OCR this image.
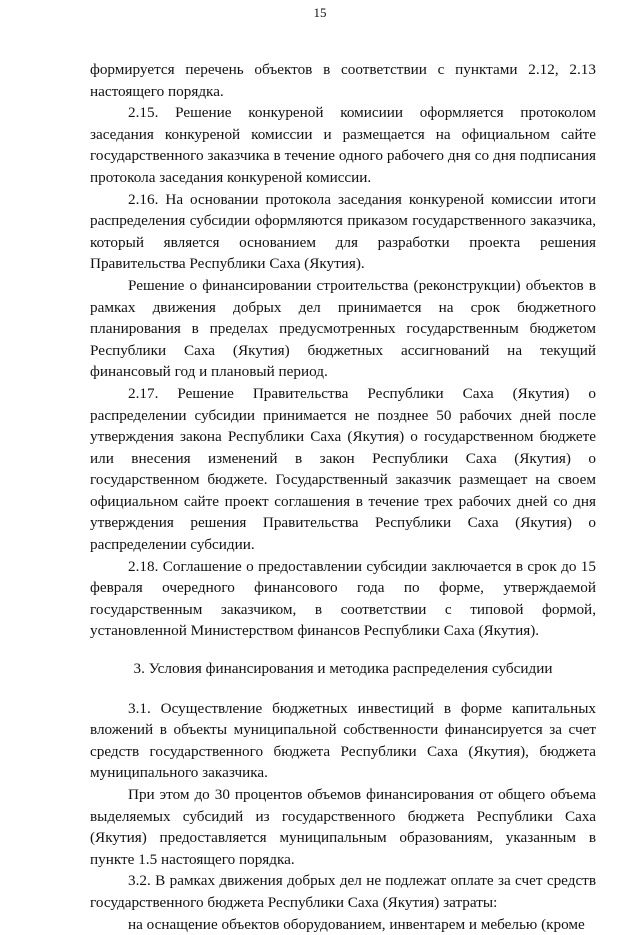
15

формируется перечень объектов в соответствии с пунктами 2.12, 2.13 настоящего порядка.

2.15. Решение конкуреной комисиии оформляется протоколом заседания конкуреной комиссии и размещается на официальном сайте государственного заказчика в течение одного рабочего дня со дня подписания протокола заседания конкуреной комиссии.

2.16. На основании протокола заседания конкуреной комиссии итоги распределения субсидии оформляются приказом государственного заказчика, который является основанием для разработки проекта решения Правительства Республики Саха (Якутия).

Решение о финансировании строительства (реконструкции) объектов в рамках движения добрых дел принимается на срок бюджетного планирования в пределах предусмотренных государственным бюджетом Республики Саха (Якутия) бюджетных ассигнований на текущий финансовый год и плановый период.

2.17. Решение Правительства Республики Саха (Якутия) о распределении субсидии принимается не позднее 50 рабочих дней после утверждения закона Республики Саха (Якутия) о государственном бюджете или внесения изменений в закон Республики Саха (Якутия) о государственном бюджете. Государственный заказчик размещает на своем официальном сайте проект соглашения в течение трех рабочих дней со дня утверждения решения Правительства Республики Саха (Якутия) о распределении субсидии.

2.18. Соглашение о предоставлении субсидии заключается в срок до 15 февраля очередного финансового года по форме, утверждаемой государственным заказчиком, в соответствии с типовой формой, установленной Министерством финансов Республики Саха (Якутия).

3. Условия финансирования и методика распределения субсидии

3.1. Осуществление бюджетных инвестиций в форме капитальных вложений в объекты муниципальной собственности финансируется за счет средств государственного бюджета Республики Саха (Якутия), бюджета муниципального заказчика.

При этом до 30 процентов объемов финансирования от общего объема выделяемых субсидий из государственного бюджета Республики Саха (Якутия) предоставляется муниципальным образованиям, указанным в пункте 1.5 настоящего порядка.

3.2. В рамках движения добрых дел не подлежат оплате за счет средств государственного бюджета Республики Саха (Якутия) затраты:

на оснащение объектов оборудованием, инвентарем и мебелью (кроме
